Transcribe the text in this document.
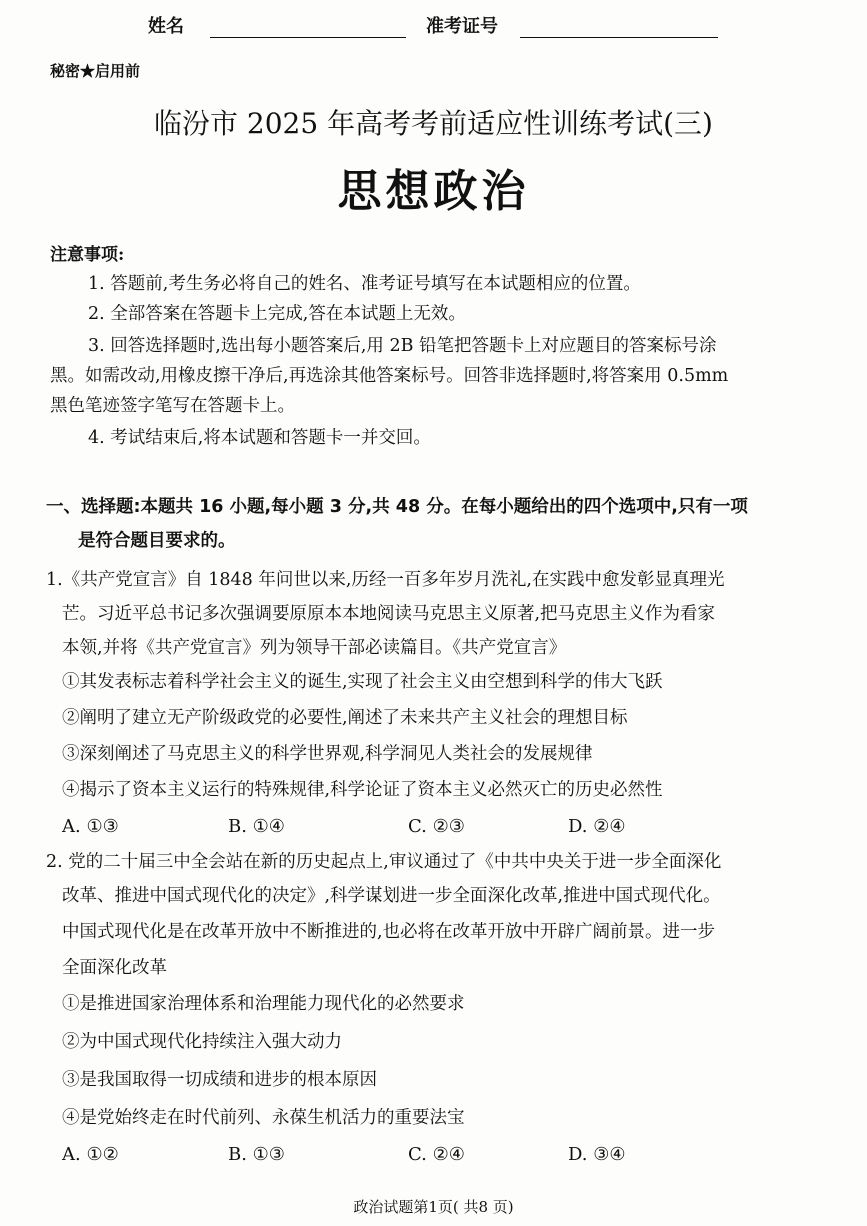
姓名	准考证号
秘密★启用前
临汾市 2025 年高考考前适应性训练考试(三)
思想政治
注意事项:
1. 答题前,考生务必将自己的姓名、准考证号填写在本试题相应的位置。
2. 全部答案在答题卡上完成,答在本试题上无效。
3. 回答选择题时,选出每小题答案后,用 2B 铅笔把答题卡上对应题目的答案标号涂
黑。如需改动,用橡皮擦干净后,再选涂其他答案标号。回答非选择题时,将答案用 0.5mm
黑色笔迹签字笔写在答题卡上。
4. 考试结束后,将本试题和答题卡一并交回。
一、选择题:本题共 16 小题,每小题 3 分,共 48 分。在每小题给出的四个选项中,只有一项
是符合题目要求的。
1.《共产党宣言》自 1848 年问世以来,历经一百多年岁月洗礼,在实践中愈发彰显真理光
芒。习近平总书记多次强调要原原本本地阅读马克思主义原著,把马克思主义作为看家
本领,并将《共产党宣言》列为领导干部必读篇目。《共产党宣言》
①其发表标志着科学社会主义的诞生,实现了社会主义由空想到科学的伟大飞跃
②阐明了建立无产阶级政党的必要性,阐述了未来共产主义社会的理想目标
③深刻阐述了马克思主义的科学世界观,科学洞见人类社会的发展规律
④揭示了资本主义运行的特殊规律,科学论证了资本主义必然灭亡的历史必然性
A. ①③	B. ①④	C. ②③	D. ②④
2. 党的二十届三中全会站在新的历史起点上,审议通过了《中共中央关于进一步全面深化
改革、推进中国式现代化的决定》,科学谋划进一步全面深化改革,推进中国式现代化。
中国式现代化是在改革开放中不断推进的,也必将在改革开放中开辟广阔前景。进一步
全面深化改革
①是推进国家治理体系和治理能力现代化的必然要求
②为中国式现代化持续注入强大动力
③是我国取得一切成绩和进步的根本原因
④是党始终走在时代前列、永葆生机活力的重要法宝
A. ①②	B. ①③	C. ②④	D. ③④
政治试题第1页( 共8 页)
